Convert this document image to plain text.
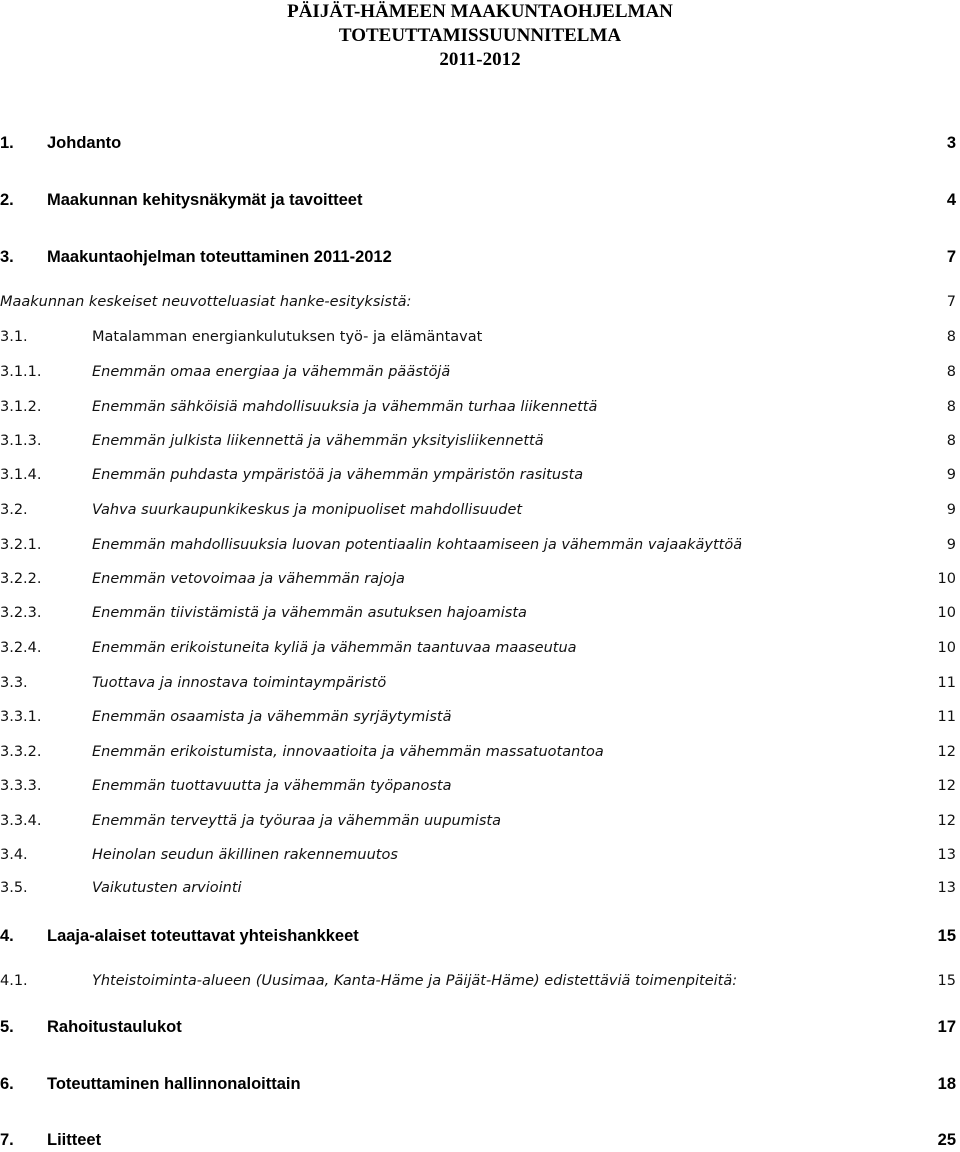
PÄIJÄT-HÄMEEN MAAKUNTAOHJELMAN
TOTEUTTAMISSUUNNITELMA
2011-2012
1. Johdanto	3
2. Maakunnan kehitysnäkymät ja tavoitteet	4
3. Maakuntaohjelman toteuttaminen 2011-2012	7
Maakunnan keskeiset neuvotteluasiat hanke-esityksistä:	7
3.1.	Matalamman energiankulutuksen työ- ja elämäntavat	8
3.1.1.	Enemmän omaa energiaa ja vähemmän päästöjä	8
3.1.2.	Enemmän sähköisiä mahdollisuuksia ja vähemmän turhaa liikennettä	8
3.1.3.	Enemmän julkista liikennettä ja vähemmän yksityisliikennettä	8
3.1.4.	Enemmän puhdasta ympäristöä ja vähemmän ympäristön rasitusta	9
3.2.	Vahva suurkaupunkikeskus ja monipuoliset mahdollisuudet	9
3.2.1.	Enemmän mahdollisuuksia luovan potentiaalin kohtaamiseen ja vähemmän vajaakäyttöä	9
3.2.2.	Enemmän vetovoimaa ja vähemmän rajoja	10
3.2.3.	Enemmän tiivistämistä ja vähemmän asutuksen hajoamista	10
3.2.4.	Enemmän erikoistuneita kyliä ja vähemmän taantuvaa maaseutua	10
3.3.	Tuottava ja innostava toimintaympäristö	11
3.3.1.	Enemmän osaamista ja vähemmän syrjäytymistä	11
3.3.2.	Enemmän erikoistumista, innovaatioita ja vähemmän massatuotantoa	12
3.3.3.	Enemmän tuottavuutta ja vähemmän työpanosta	12
3.3.4.	Enemmän terveyttä ja työuraa ja vähemmän uupumista	12
3.4.	Heinolan seudun äkillinen rakennemuutos	13
3.5.	Vaikutusten arviointi	13
4. Laaja-alaiset toteuttavat yhteishankkeet	15
4.1.	Yhteistoiminta-alueen (Uusimaa, Kanta-Häme ja Päijät-Häme) edistettäviä toimenpiteitä:	15
5. Rahoitustaulukot	17
6. Toteuttaminen hallinnonaloittain	18
7. Liitteet	25
